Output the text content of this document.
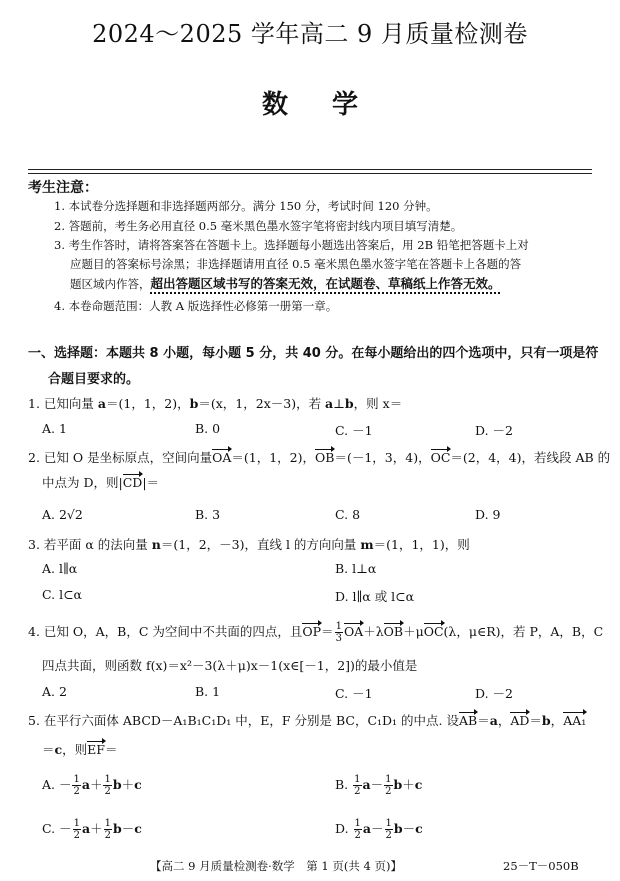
2024～2025 学年高二 9 月质量检测卷
数学
考生注意：
1. 本试卷分选择题和非选择题两部分。满分 150 分，考试时间 120 分钟。
2. 答题前，考生务必用直径 0.5 毫米黑色墨水签字笔将密封线内项目填写清楚。
3. 考生作答时，请将答案答在答题卡上。选择题每小题选出答案后，用 2B 铅笔把答题卡上对
应题目的答案标号涂黑；非选择题请用直径 0.5 毫米黑色墨水签字笔在答题卡上各题的答
题区域内作答，超出答题区域书写的答案无效，在试题卷、草稿纸上作答无效。
4. 本卷命题范围：人教 A 版选择性必修第一册第一章。
一、选择题：本题共 8 小题，每小题 5 分，共 40 分。在每小题给出的四个选项中，只有一项是符
合题目要求的。
1. 已知向量 a＝(1，1，2)，b＝(x，1，2x－3)，若 a⊥b，则 x＝
A. 1	B. 0	C. －1	D. －2
2. 已知 O 是坐标原点，空间向量OA＝(1，1，2)，OB＝(－1，3，4)，OC＝(2，4，4)，若线段 AB 的
中点为 D，则|CD|＝
A. 2√2	B. 3	C. 8	D. 9
3. 若平面 α 的法向量 n＝(1，2，－3)，直线 l 的方向向量 m＝(1，1，1)，则
A. l∥α	B. l⊥α
C. l⊂α	D. l∥α 或 l⊂α
4. 已知 O，A，B，C 为空间中不共面的四点，且$OP= \frac{1}{3} OA+\lambda OB+\mu OC(\lambda$，μ∈R)，若 P，A，B，C
四点共面，则函数 f(x)＝x²－3(λ＋μ)x－1(x∈[－1，2])的最小值是
A. 2	B. 1	C. －1	D. －2
5. 在平行六面体 ABCD－A₁B₁C₁D₁ 中，E，F 分别是 BC，C₁D₁ 的中点. 设AB＝a，AD＝b，AA₁
＝c，则EF＝
A. － $\frac{1}{2} a+ \frac{1}{2} b+c$	B. $\frac{1}{2} a- \frac{1}{2} b+c$
C. － $\frac{1}{2} a+ \frac{1}{2} b-c$	D. $\frac{1}{2} a- \frac{1}{2} b-c$
【高二 9 月质量检测卷·数学　第 1 页(共 4 页)】	25－T－050B
